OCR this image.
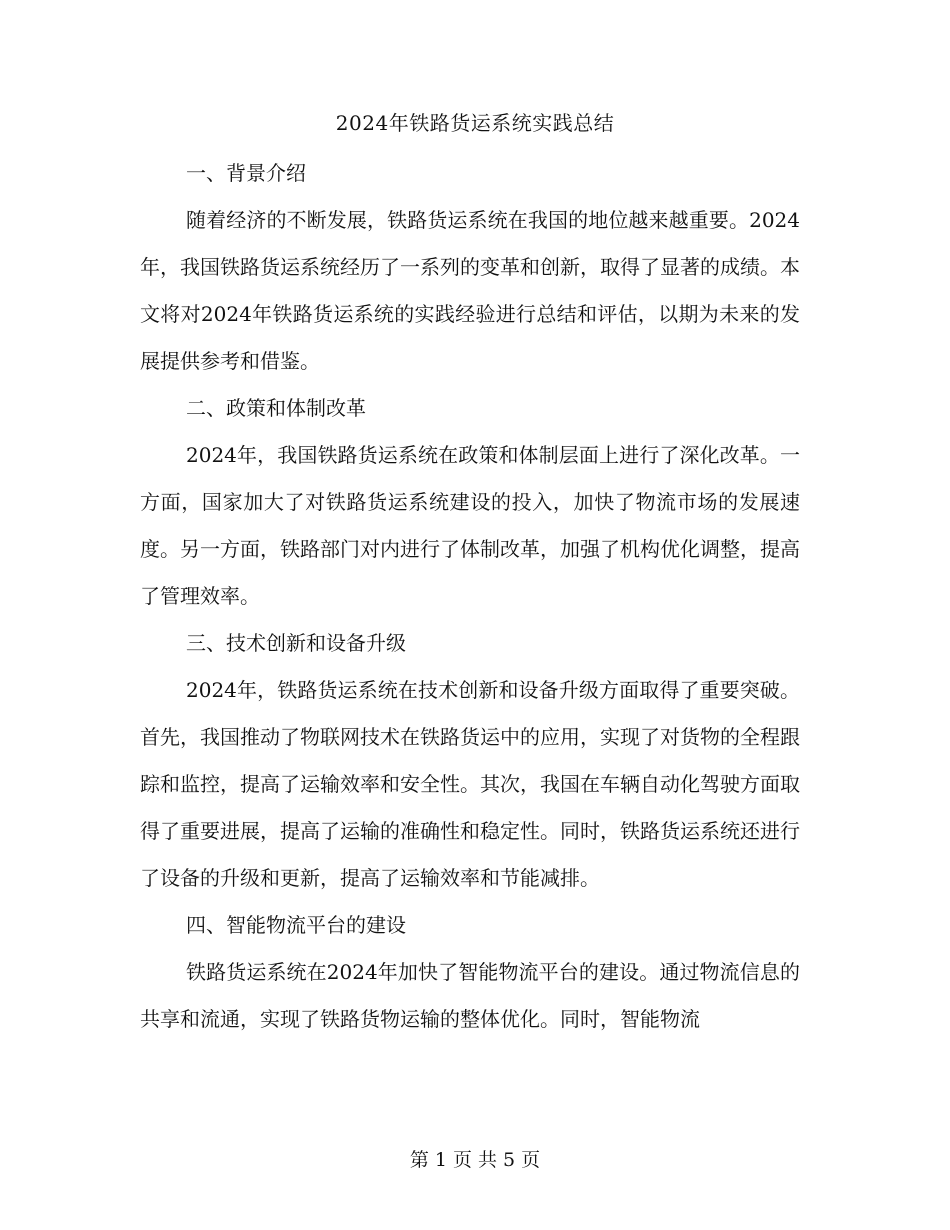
2024年铁路货运系统实践总结

一、背景介绍

随着经济的不断发展，铁路货运系统在我国的地位越来越重要。2024年，我国铁路货运系统经历了一系列的变革和创新，取得了显著的成绩。本文将对2024年铁路货运系统的实践经验进行总结和评估，以期为未来的发展提供参考和借鉴。

二、政策和体制改革

2024年，我国铁路货运系统在政策和体制层面上进行了深化改革。一方面，国家加大了对铁路货运系统建设的投入，加快了物流市场的发展速度。另一方面，铁路部门对内进行了体制改革，加强了机构优化调整，提高了管理效率。

三、技术创新和设备升级

2024年，铁路货运系统在技术创新和设备升级方面取得了重要突破。首先，我国推动了物联网技术在铁路货运中的应用，实现了对货物的全程跟踪和监控，提高了运输效率和安全性。其次，我国在车辆自动化驾驶方面取得了重要进展，提高了运输的准确性和稳定性。同时，铁路货运系统还进行了设备的升级和更新，提高了运输效率和节能减排。

四、智能物流平台的建设

铁路货运系统在2024年加快了智能物流平台的建设。通过物流信息的共享和流通，实现了铁路货物运输的整体优化。同时，智能物流

第 1 页 共 5 页
